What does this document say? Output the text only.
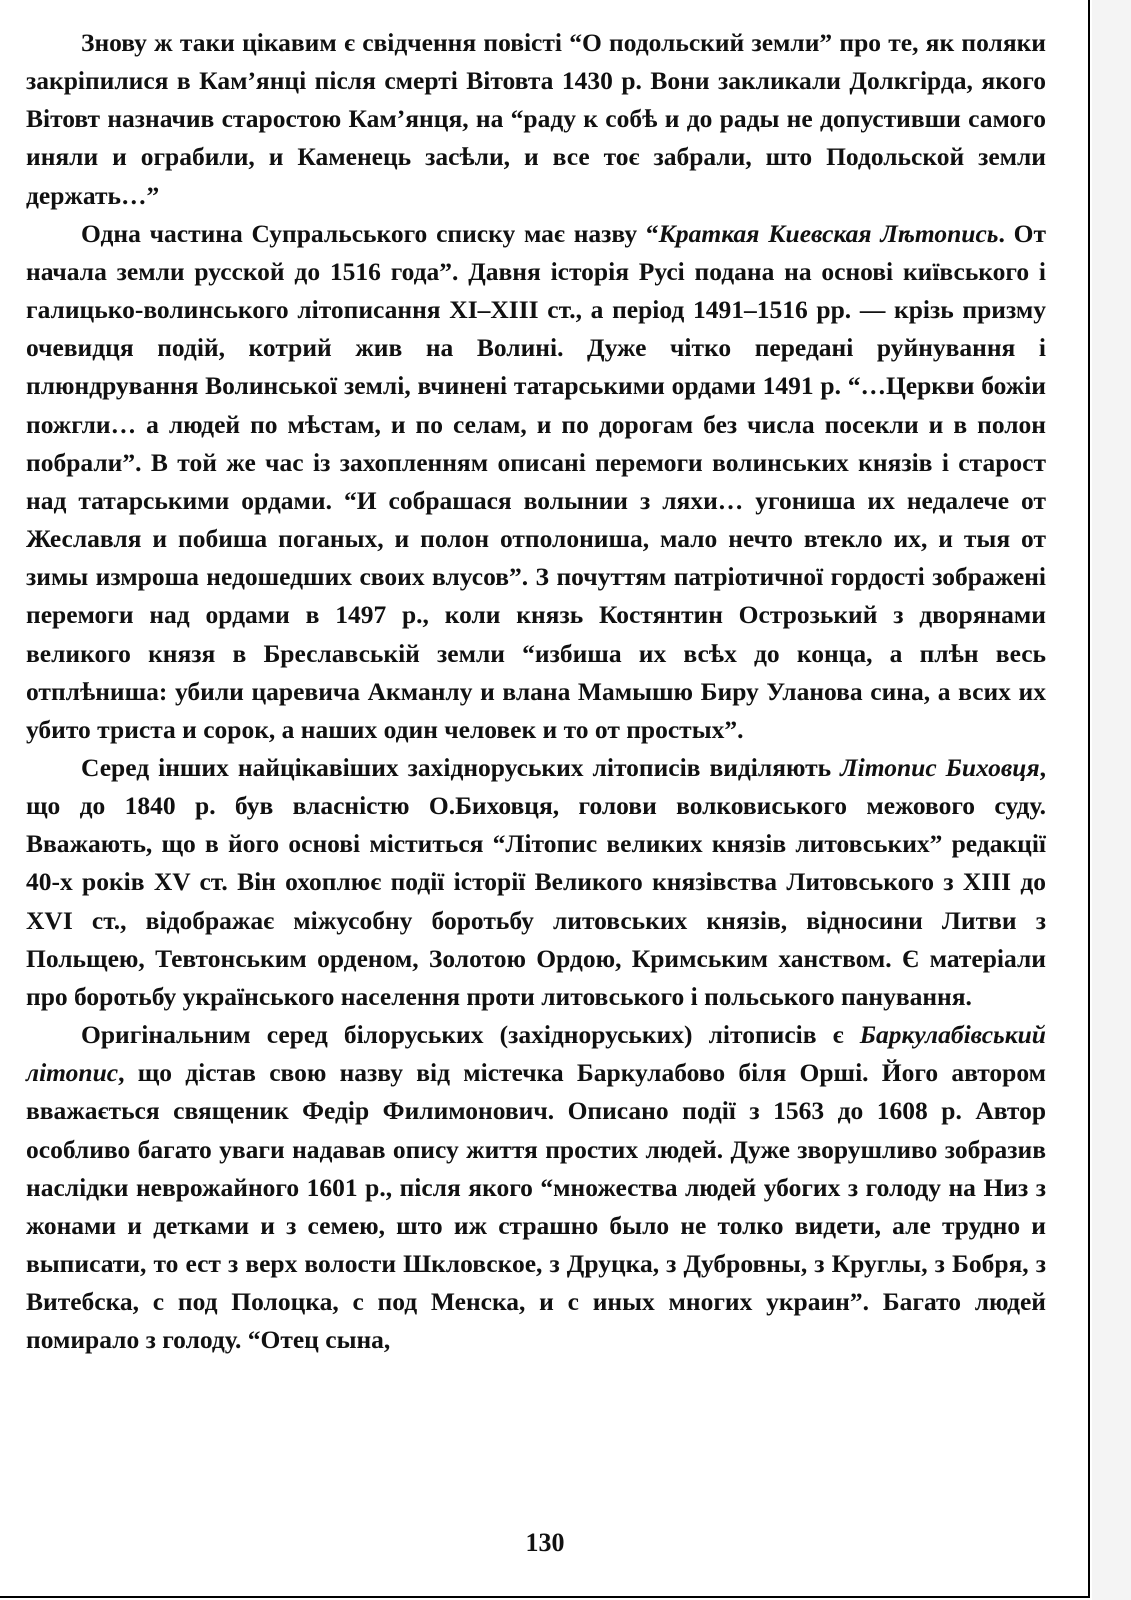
Знову ж таки цікавим є свідчення повісті “О подольский земли” про те, як поляки закріпилися в Кам’янці після смерті Вітовта 1430 р. Вони закликали Долкгірда, якого Вітовт назначив старостою Кам’янця, на “раду к собѣ и до рады не допустивши самого иняли и ограбили, и Каменець засѣли, и все тоє забрали, што Подольской земли держать…”

Одна частина Супральського списку має назву “Краткая Киевская Лѣтопись. От начала земли русской до 1516 года”. Давня історія Русі подана на основі київського і галицько-волинського літописання XI–XIII ст., а період 1491–1516 рр. — крізь призму очевидця подій, котрий жив на Волині. Дуже чітко передані руйнування і плюндрування Волинської землі, вчинені татарськими ордами 1491 р. “…Церкви божіи пожгли… а людей по мѣстам, и по селам, и по дорогам без числа посекли и в полон побрали”. В той же час із захопленням описані перемоги волинських князів і старост над татарськими ордами. “И собрашася волынии з ляхи… угониша их недалече от Жеславля и побиша поганых, и полон отполониша, мало нечто втекло их, и тыя от зимы измроша недошедших своих влусов”. З почуттям патріотичної гордості зображені перемоги над ордами в 1497 р., коли князь Костянтин Острозький з дворянами великого князя в Бреславській земли “избиша их всѣх до конца, а плѣн весь отплѣниша: убили царевича Акманлу и влана Мамышю Биру Уланова сина, а всих их убито триста и сорок, а наших один человек и то от простых”.

Серед інших найцікавіших західноруських літописів виділяють Літопис Биховця, що до 1840 р. був власністю О.Биховця, голови волковиського межового суду. Вважають, що в його основі міститься “Літопис великих князів литовських” редакції 40-х років XV ст. Він охоплює події історії Великого князівства Литовського з XIII до XVI ст., відображає міжусобну боротьбу литовських князів, відносини Литви з Польщею, Тевтонським орденом, Золотою Ордою, Кримським ханством. Є матеріали про боротьбу українського населення проти литовського і польського панування.

Оригінальним серед білоруських (західноруських) літописів є Баркулабівський літопис, що дістав свою назву від містечка Баркулабово біля Орші. Його автором вважається священик Федір Филимонович. Описано події з 1563 до 1608 р. Автор особливо багато уваги надавав опису життя простих людей. Дуже зворушливо зобразив наслідки неврожайного 1601 р., після якого “множества людей убогих з голоду на Низ з жонами и детками и з семею, што иж страшно было не толко видети, але трудно и выписати, то ест з верх волости Шкловское, з Друцка, з Дубровны, з Круглы, з Бобря, з Витебска, с под Полоцка, с под Менска, и с иных многих украин”. Багато людей помирало з голоду. “Отец сына,

130
